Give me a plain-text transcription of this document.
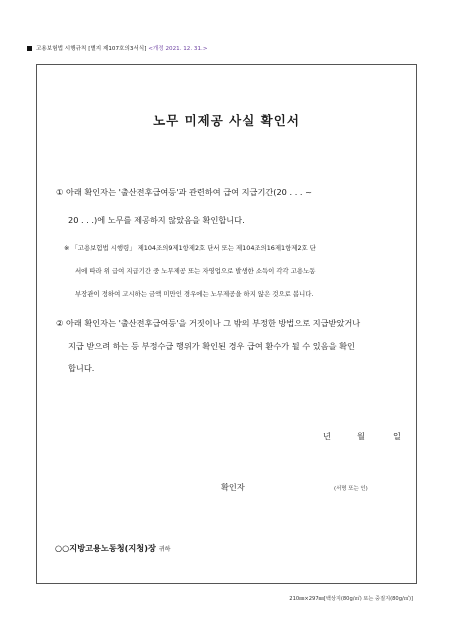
고용보험법 시행규칙 [별지 제107호의3서식] <개정 2021. 12. 31.>
노무 미제공 사실 확인서
① 아래 확인자는 '출산전후급여등'과 관련하여 급여 지급기간(20 . . . ~
20 . . .)에 노무를 제공하지 않았음을 확인합니다.
※ 「고용보험법 시행령」 제104조의9제1항제2호 단서 또는 제104조의16제1항제2호 단
서에 따라 위 급여 지급기간 중 노무제공 또는 자영업으로 발생한 소득이 각각 고용노동
부장관이 정하여 고시하는 금액 미만인 경우에는 노무제공을 하지 않은 것으로 봅니다.
② 아래 확인자는 '출산전후급여등'을 거짓이나 그 밖의 부정한 방법으로 지급받았거나
지급 받으려 하는 등 부정수급 행위가 확인된 경우 급여 환수가 될 수 있음을 확인
합니다.
년	월	일
확인자	(서명 또는 인)
○○지방고용노동청(지청)장 귀하
210㎜×297㎜[백상지(80g/㎡) 또는 중질지(80g/㎡)]
